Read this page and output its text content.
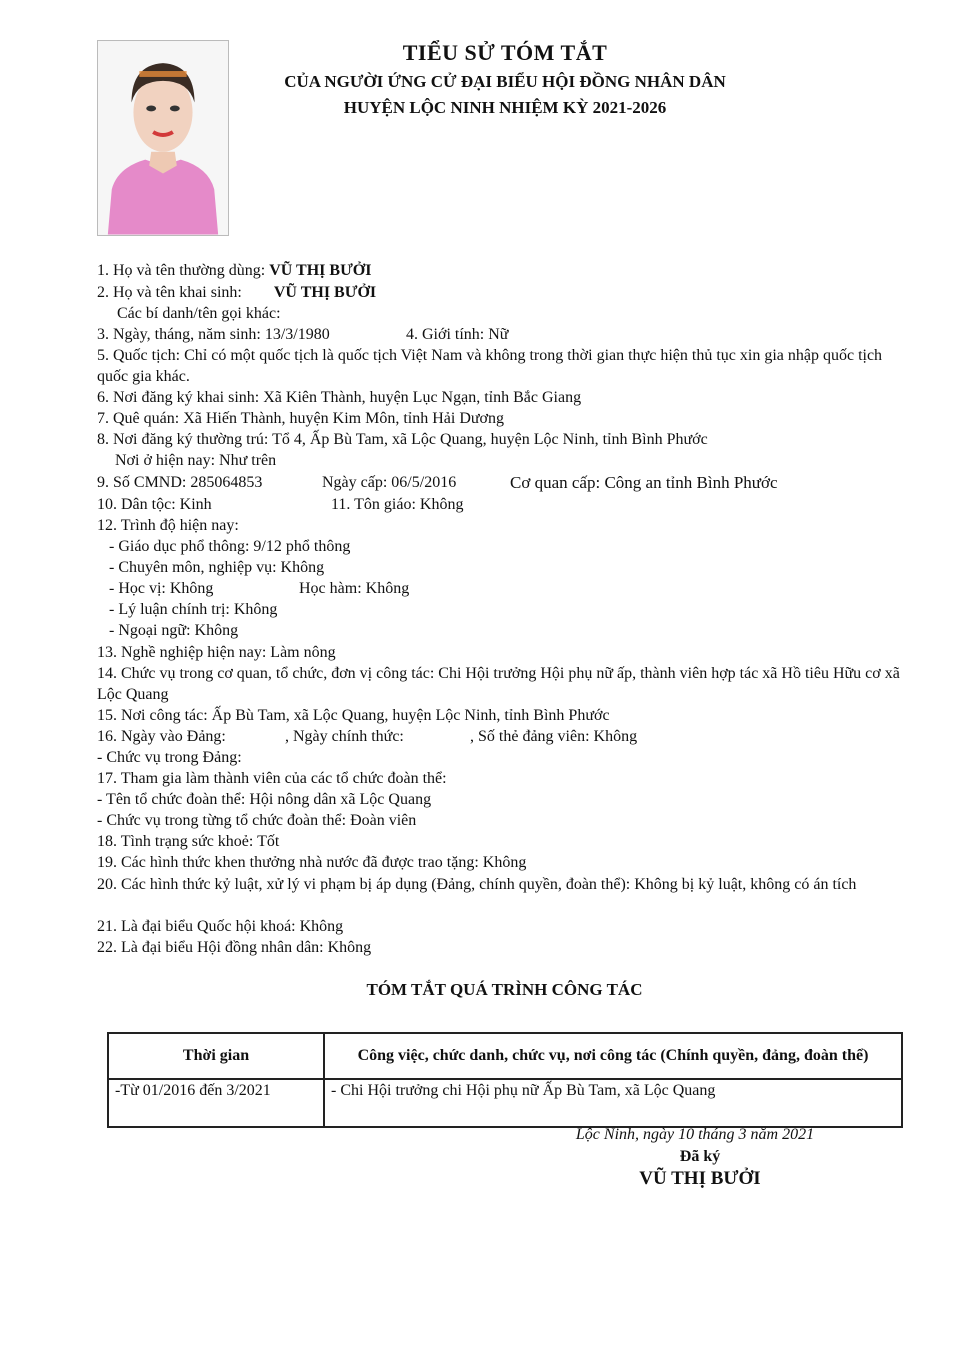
TIỂU SỬ TÓM TẮT
CỦA NGƯỜI ỨNG CỬ ĐẠI BIỂU HỘI ĐỒNG NHÂN DÂN
HUYỆN LỘC NINH NHIỆM KỲ 2021-2026
1. Họ và tên thường dùng: VŨ THỊ BƯỞI
2. Họ và tên khai sinh: VŨ THỊ BƯỞI
Các bí danh/tên gọi khác:
3. Ngày, tháng, năm sinh: 13/3/1980	4. Giới tính: Nữ
5. Quốc tịch: Chỉ có một quốc tịch là quốc tịch Việt Nam và không trong thời gian thực hiện thủ tục xin gia nhập quốc tịch quốc gia khác.
6. Nơi đăng ký khai sinh: Xã Kiên Thành, huyện Lục Ngạn, tỉnh Bắc Giang
7. Quê quán: Xã Hiến Thành, huyện Kim Môn, tỉnh Hải Dương
8. Nơi đăng ký thường trú: Tổ 4, Ấp Bù Tam, xã Lộc Quang, huyện Lộc Ninh, tỉnh Bình Phước
Nơi ở hiện nay: Như trên
9. Số CMND: 285064853	Ngày cấp: 06/5/2016	Cơ quan cấp: Công an tỉnh Bình Phước
10. Dân tộc: Kinh	11. Tôn giáo: Không
12. Trình độ hiện nay:
- Giáo dục phổ thông: 9/12 phổ thông
- Chuyên môn, nghiệp vụ: Không
- Học vị: Không	Học hàm: Không
- Lý luận chính trị: Không
- Ngoại ngữ: Không
13. Nghề nghiệp hiện nay: Làm nông
14. Chức vụ trong cơ quan, tổ chức, đơn vị công tác: Chi Hội trưởng Hội phụ nữ ấp, thành viên hợp tác xã Hồ tiêu Hữu cơ xã Lộc Quang
15. Nơi công tác: Ấp Bù Tam, xã Lộc Quang, huyện Lộc Ninh, tỉnh Bình Phước
16. Ngày vào Đảng:	, Ngày chính thức:	, Số thẻ đảng viên: Không
- Chức vụ trong Đảng:
17. Tham gia làm thành viên của các tổ chức đoàn thể:
- Tên tổ chức đoàn thể: Hội nông dân xã Lộc Quang
- Chức vụ trong từng tổ chức đoàn thể: Đoàn viên
18. Tình trạng sức khoẻ: Tốt
19. Các hình thức khen thưởng nhà nước đã được trao tặng: Không
20. Các hình thức kỷ luật, xử lý vi phạm bị áp dụng (Đảng, chính quyền, đoàn thể): Không bị kỷ luật, không có án tích
21. Là đại biểu Quốc hội khoá: Không
22. Là đại biểu Hội đồng nhân dân: Không
TÓM TẮT QUÁ TRÌNH CÔNG TÁC
Thời gian	Công việc, chức danh, chức vụ, nơi công tác (Chính quyền, đảng, đoàn thể)
-Từ 01/2016 đến 3/2021	- Chi Hội trưởng chi Hội phụ nữ Ấp Bù Tam, xã Lộc Quang
Lộc Ninh, ngày 10 tháng 3 năm 2021
Đã ký
VŨ THỊ BƯỞI
